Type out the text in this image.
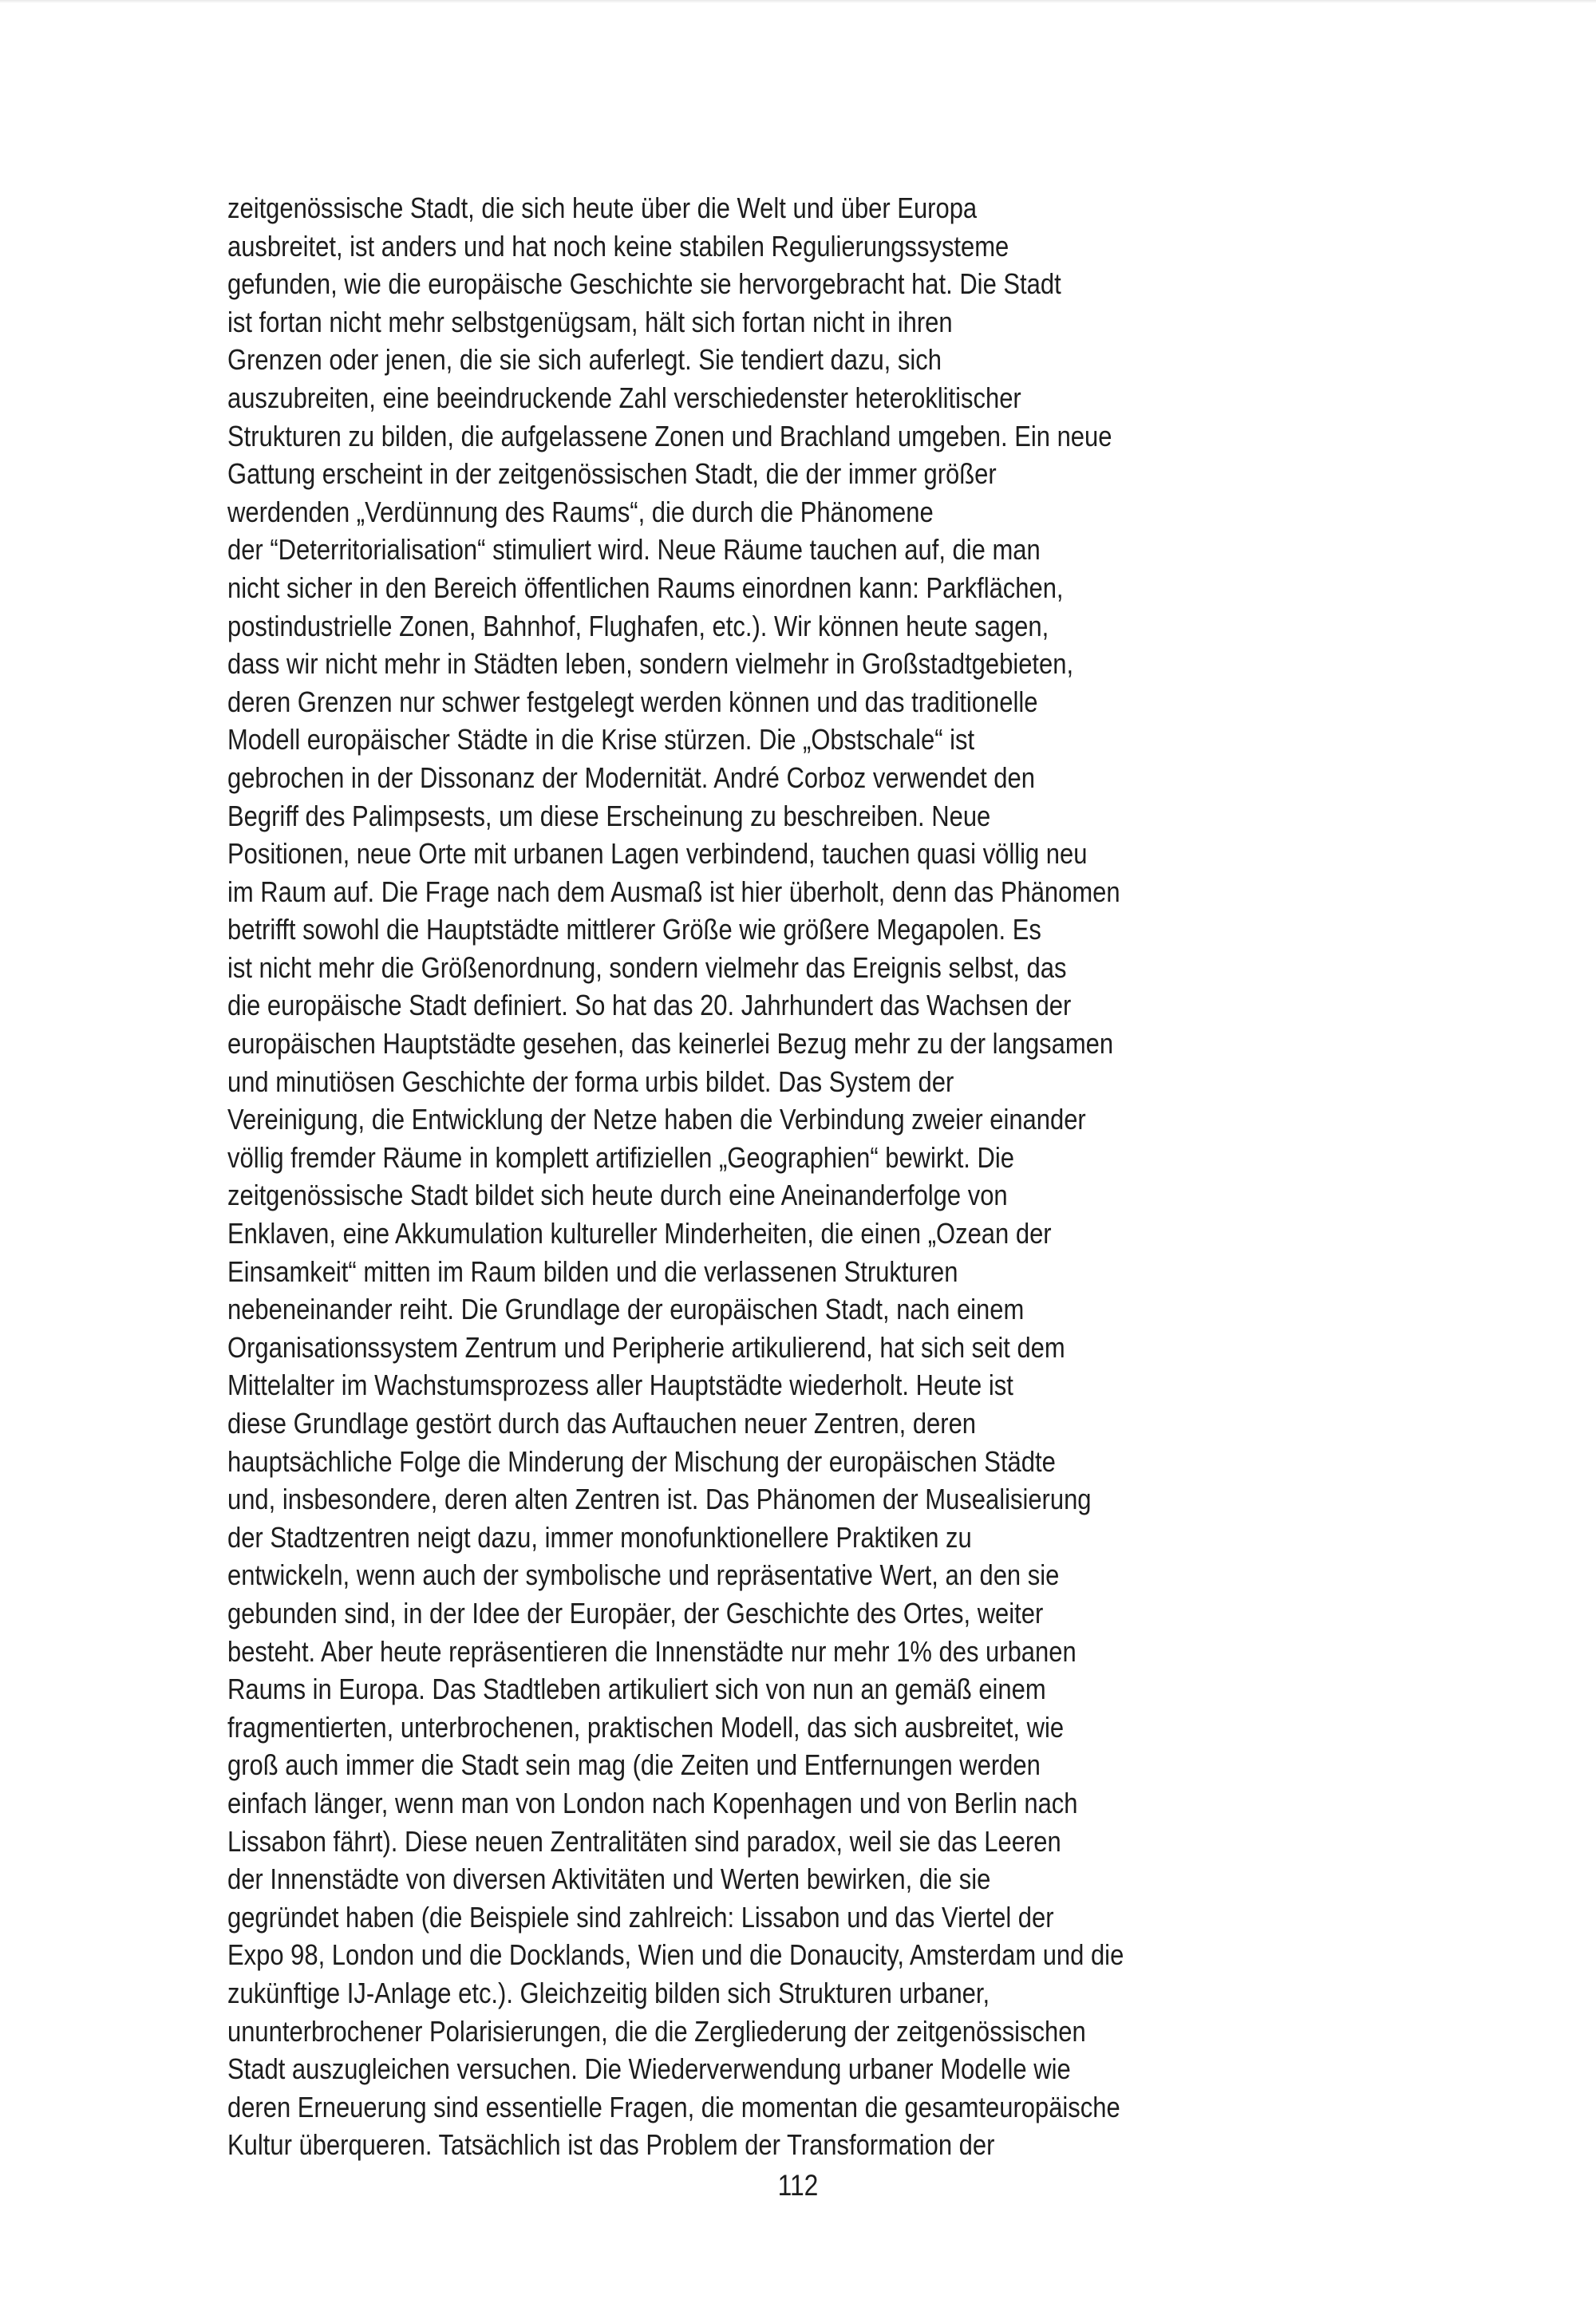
zeitgenössische Stadt, die sich heute über die Welt und über Europa
ausbreitet, ist anders und hat noch keine stabilen Regulierungssysteme
gefunden, wie die europäische Geschichte sie hervorgebracht hat. Die Stadt
ist fortan nicht mehr selbstgenügsam, hält sich fortan nicht in ihren
Grenzen oder jenen, die sie sich auferlegt. Sie tendiert dazu, sich
auszubreiten, eine beeindruckende Zahl verschiedenster heteroklitischer
Strukturen zu bilden, die aufgelassene Zonen und Brachland umgeben. Ein neue
Gattung erscheint in der zeitgenössischen Stadt, die der immer größer
werdenden „Verdünnung des Raums“, die durch die Phänomene
der “Deterritorialisation“ stimuliert wird. Neue Räume tauchen auf, die man
nicht sicher in den Bereich öffentlichen Raums einordnen kann: Parkflächen,
postindustrielle Zonen, Bahnhof, Flughafen, etc.). Wir können heute sagen,
dass wir nicht mehr in Städten leben, sondern vielmehr in Großstadtgebieten,
deren Grenzen nur schwer festgelegt werden können und das traditionelle
Modell europäischer Städte in die Krise stürzen. Die „Obstschale“ ist
gebrochen in der Dissonanz der Modernität. André Corboz verwendet den
Begriff des Palimpsests, um diese Erscheinung zu beschreiben. Neue
Positionen, neue Orte mit urbanen Lagen verbindend, tauchen quasi völlig neu
im Raum auf. Die Frage nach dem Ausmaß ist hier überholt, denn das Phänomen
betrifft sowohl die Hauptstädte mittlerer Größe wie größere Megapolen. Es
ist nicht mehr die Größenordnung, sondern vielmehr das Ereignis selbst, das
die europäische Stadt definiert. So hat das 20. Jahrhundert das Wachsen der
europäischen Hauptstädte gesehen, das keinerlei Bezug mehr zu der langsamen
und minutiösen Geschichte der forma urbis bildet. Das System der
Vereinigung, die Entwicklung der Netze haben die Verbindung zweier einander
völlig fremder Räume in komplett artifiziellen „Geographien“ bewirkt. Die
zeitgenössische Stadt bildet sich heute durch eine Aneinanderfolge von
Enklaven, eine Akkumulation kultureller Minderheiten, die einen „Ozean der
Einsamkeit“ mitten im Raum bilden und die verlassenen Strukturen
nebeneinander reiht. Die Grundlage der europäischen Stadt, nach einem
Organisationssystem Zentrum und Peripherie artikulierend, hat sich seit dem
Mittelalter im Wachstumsprozess aller Hauptstädte wiederholt. Heute ist
diese Grundlage gestört durch das Auftauchen neuer Zentren, deren
hauptsächliche Folge die Minderung der Mischung der europäischen Städte
und, insbesondere, deren alten Zentren ist. Das Phänomen der Musealisierung
der Stadtzentren neigt dazu, immer monofunktionellere Praktiken zu
entwickeln, wenn auch der symbolische und repräsentative Wert, an den sie
gebunden sind, in der Idee der Europäer, der Geschichte des Ortes, weiter
besteht. Aber heute repräsentieren die Innenstädte nur mehr 1% des urbanen
Raums in Europa. Das Stadtleben artikuliert sich von nun an gemäß einem
fragmentierten, unterbrochenen, praktischen Modell, das sich ausbreitet, wie
groß auch immer die Stadt sein mag (die Zeiten und Entfernungen werden
einfach länger, wenn man von London nach Kopenhagen und von Berlin nach
Lissabon fährt). Diese neuen Zentralitäten sind paradox, weil sie das Leeren
der Innenstädte von diversen Aktivitäten und Werten bewirken, die sie
gegründet haben (die Beispiele sind zahlreich: Lissabon und das Viertel der
Expo 98, London und die Docklands, Wien und die Donaucity, Amsterdam und die
zukünftige IJ-Anlage etc.). Gleichzeitig bilden sich Strukturen urbaner,
ununterbrochener Polarisierungen, die die Zergliederung der zeitgenössischen
Stadt auszugleichen versuchen. Die Wiederverwendung urbaner Modelle wie
deren Erneuerung sind essentielle Fragen, die momentan die gesamteuropäische
Kultur überqueren. Tatsächlich ist das Problem der Transformation der
112
